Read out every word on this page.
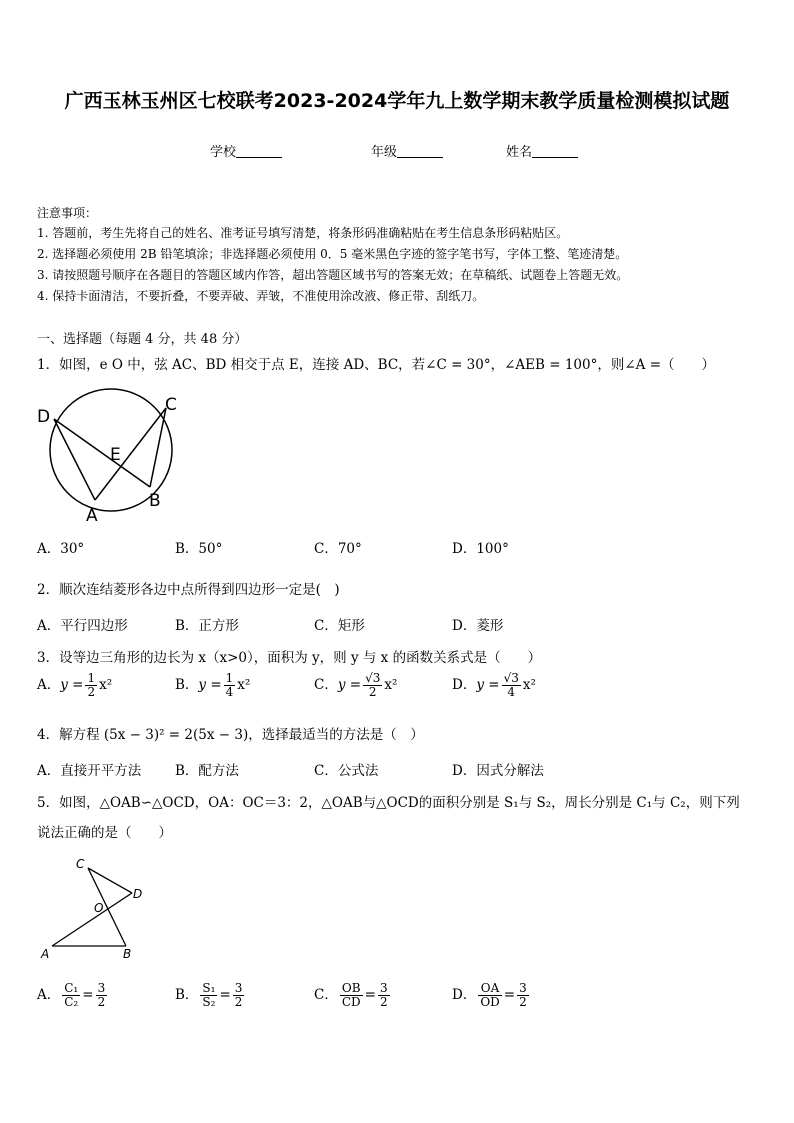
广西玉林玉州区七校联考2023-2024学年九上数学期末教学质量检测模拟试题
学校	年级	姓名
注意事项：
1. 答题前，考生先将自己的姓名、准考证号填写清楚，将条形码准确粘贴在考生信息条形码粘贴区。
2. 选择题必须使用 2B 铅笔填涂；非选择题必须使用 0．5 毫米黑色字迹的签字笔书写，字体工整、笔迹清楚。
3. 请按照题号顺序在各题目的答题区域内作答，超出答题区域书写的答案无效；在草稿纸、试题卷上答题无效。
4. 保持卡面清洁，不要折叠，不要弄破、弄皱，不准使用涂改液、修正带、刮纸刀。
一、选择题（每题 4 分，共 48 分）
1．如图，e O 中，弦 AC、BD 相交于点 E，连接 AD、BC，若∠C = 30°，∠AEB = 100°，则∠A =（　　）
D
C
E
A
B
A．30°	B．50°	C．70°	D．100°
2．顺次连结菱形各边中点所得到四边形一定是(　)
A．平行四边形	B．正方形	C．矩形	D．菱形
3．设等边三角形的边长为 x（x>0），面积为 y，则 y 与 x 的函数关系式是（　　）
A．$y = \frac{1}{2} x^2$	B．$y = \frac{1}{4} x^2$	C．$y = \frac{√3}{2} x^2$	D．$y = \frac{√3}{4} x^2$
4．解方程 (5x − 3)² = 2(5x − 3)，选择最适当的方法是（　）
A．直接开平方法	B．配方法	C．公式法	D．因式分解法
5．如图，△OAB∽△OCD，OA：OC＝3：2，△OAB与△OCD的面积分别是 S₁与 S₂，周长分别是 C₁与 C₂，则下列
说法正确的是（　　）
C
D
O
A	B
A． $\frac{\text{C₁}}{\text{C₂}} = \frac{3}{2}$	B． $\frac{\text{S₁}}{\text{S₂}} = \frac{3}{2}$	C． $\frac{OB}{CD} = \frac{3}{2}$	D． $\frac{OA}{OD} = \frac{3}{2}$
